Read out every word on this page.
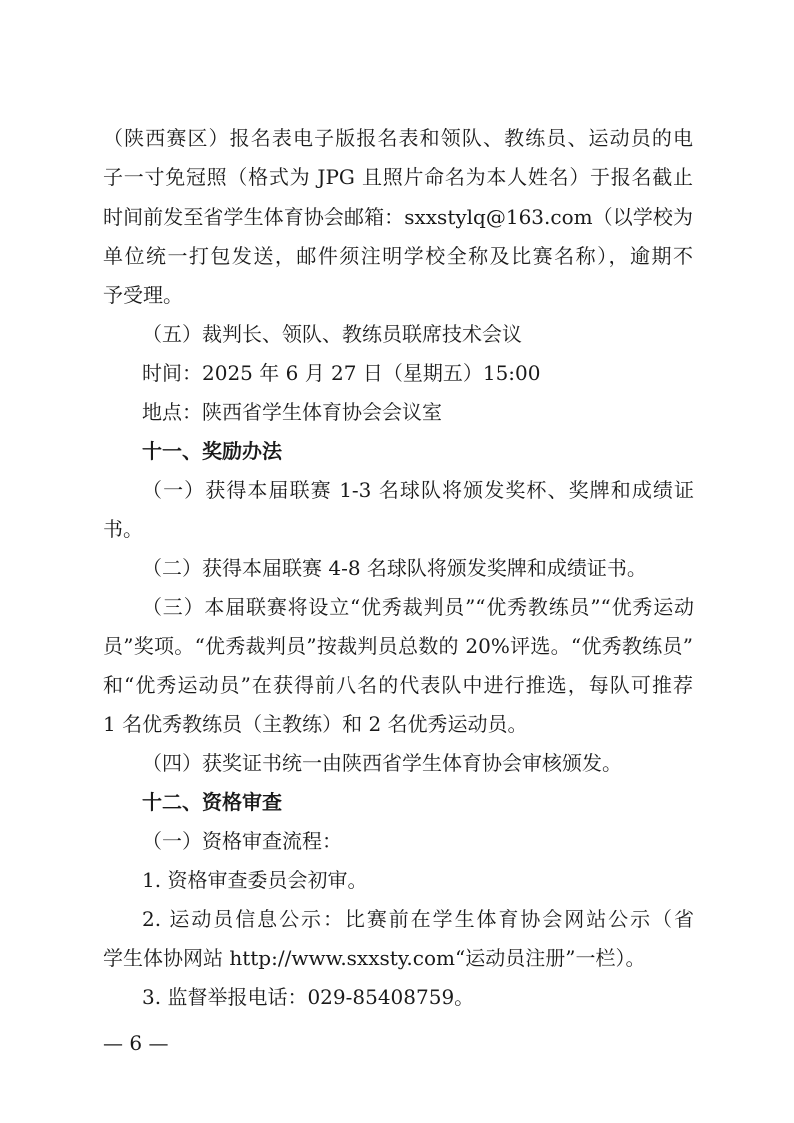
（陕西赛区）报名表电子版报名表和领队、教练员、运动员的电
子一寸免冠照（格式为 JPG 且照片命名为本人姓名）于报名截止
时间前发至省学生体育协会邮箱：sxxstylq@163.com（以学校为
单位统一打包发送，邮件须注明学校全称及比赛名称），逾期不
予受理。
（五）裁判长、领队、教练员联席技术会议
时间：2025 年 6 月 27 日（星期五）15:00
地点：陕西省学生体育协会会议室
十一、奖励办法
（一）获得本届联赛 1-3 名球队将颁发奖杯、奖牌和成绩证
书。
（二）获得本届联赛 4-8 名球队将颁发奖牌和成绩证书。
（三）本届联赛将设立“优秀裁判员”“优秀教练员”“优秀运动
员”奖项。“优秀裁判员”按裁判员总数的 20%评选。“优秀教练员”
和“优秀运动员”在获得前八名的代表队中进行推选，每队可推荐
1 名优秀教练员（主教练）和 2 名优秀运动员。
（四）获奖证书统一由陕西省学生体育协会审核颁发。
十二、资格审查
（一）资格审查流程：
1. 资格审查委员会初审。
2. 运动员信息公示：比赛前在学生体育协会网站公示（省
学生体协网站 http://www.sxxsty.com“运动员注册”一栏）。
3. 监督举报电话：029-85408759。
— 6 —
